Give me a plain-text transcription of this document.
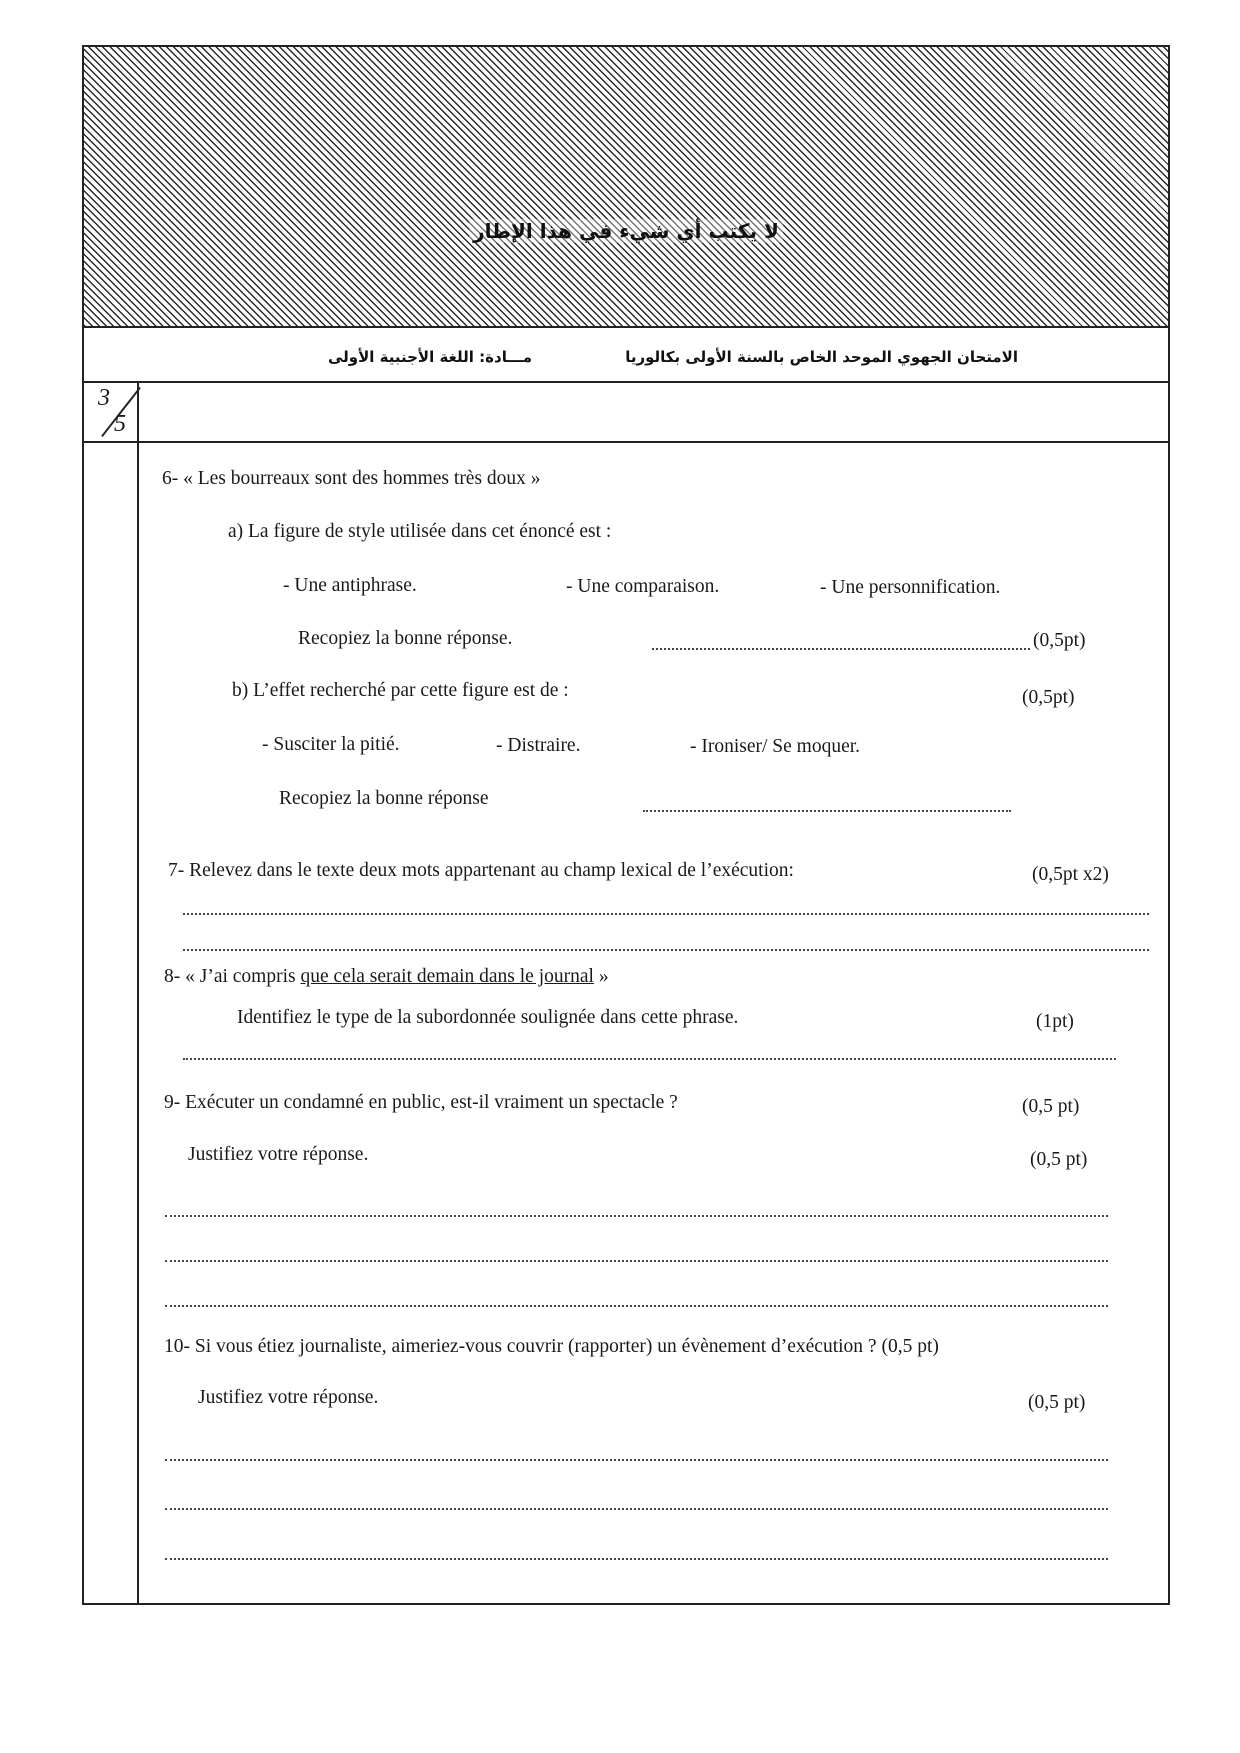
لا يكتب أي شيء في هذا الإطار
3
5
الامتحان الجهوي الموحد الخاص بالسنة الأولى بكالوريا
مـــادة: اللغة الأجنبية الأولى
6- « Les bourreaux sont des hommes très doux »
a) La figure de style utilisée dans cet énoncé est :
- Une antiphrase.	- Une comparaison.	- Une personnification.
Recopiez la bonne réponse.	(0,5pt)
b) L’effet recherché par cette figure est de :	(0,5pt)
- Susciter la pitié.	- Distraire.	- Ironiser/ Se moquer.
Recopiez la bonne réponse
7- Relevez dans le texte deux mots appartenant au champ lexical de l’exécution:	(0,5pt x2)
8- « J’ai compris que cela serait demain dans le journal »
Identifiez le type de la subordonnée soulignée dans cette phrase.	(1pt)
9- Exécuter un condamné en public, est-il vraiment un spectacle ?	(0,5 pt)
Justifiez votre réponse.	(0,5 pt)
10- Si vous étiez journaliste, aimeriez-vous couvrir (rapporter) un évènement d’exécution ? (0,5 pt)
Justifiez votre réponse.	(0,5 pt)
